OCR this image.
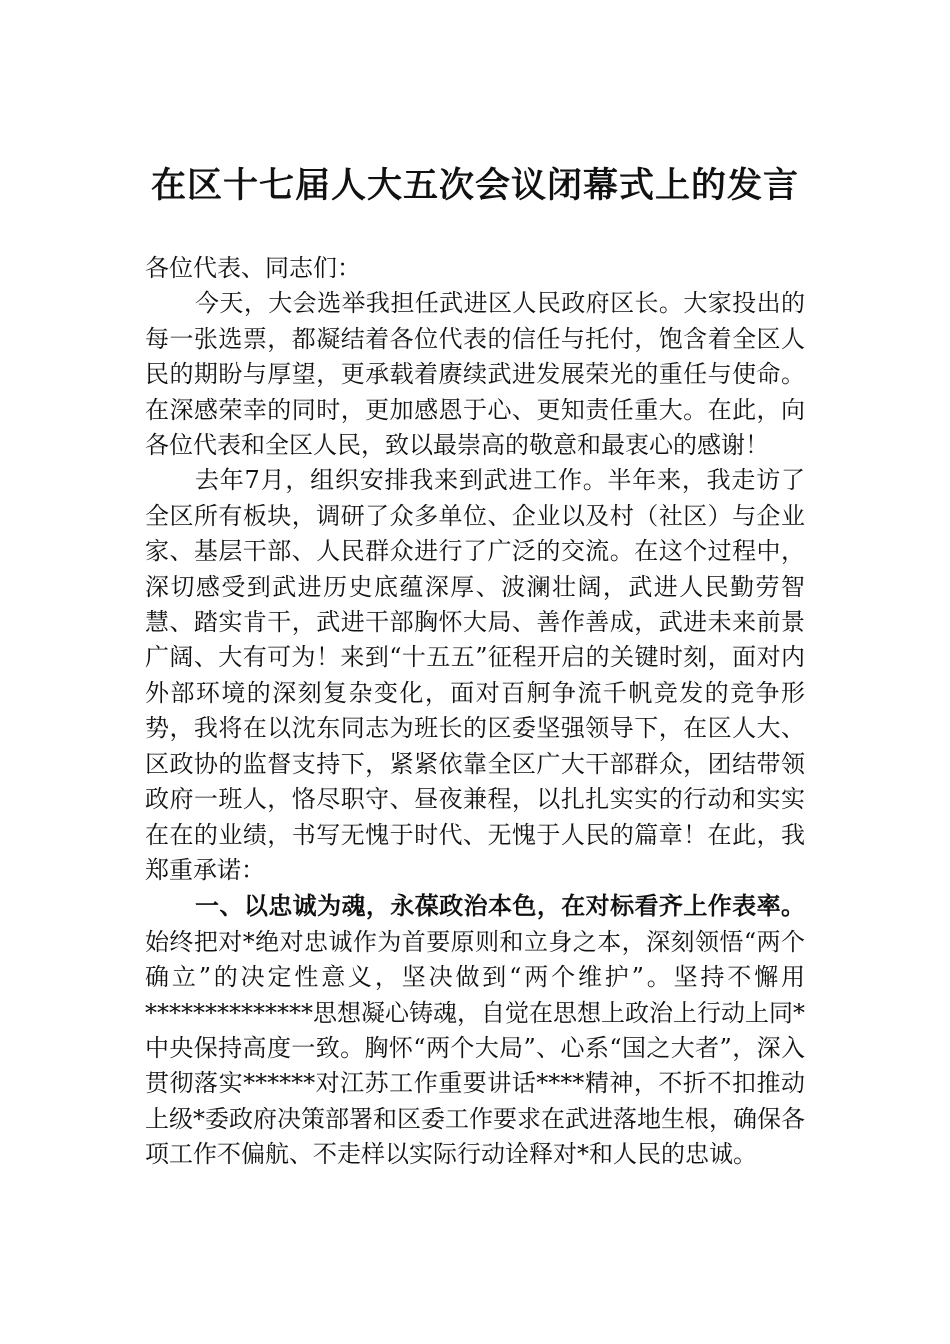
在区十七届人大五次会议闭幕式上的发言

各位代表、同志们：

今天，大会选举我担任武进区人民政府区长。大家投出的每一张选票，都凝结着各位代表的信任与托付，饱含着全区人民的期盼与厚望，更承载着赓续武进发展荣光的重任与使命。在深感荣幸的同时，更加感恩于心、更知责任重大。在此，向各位代表和全区人民，致以最崇高的敬意和最衷心的感谢！

去年7月，组织安排我来到武进工作。半年来，我走访了全区所有板块，调研了众多单位、企业以及村（社区）与企业家、基层干部、人民群众进行了广泛的交流。在这个过程中，深切感受到武进历史底蕴深厚、波澜壮阔，武进人民勤劳智慧、踏实肯干，武进干部胸怀大局、善作善成，武进未来前景广阔、大有可为！来到“十五五”征程开启的关键时刻，面对内外部环境的深刻复杂变化，面对百舸争流千帆竞发的竞争形势，我将在以沈东同志为班长的区委坚强领导下，在区人大、区政协的监督支持下，紧紧依靠全区广大干部群众，团结带领政府一班人，恪尽职守、昼夜兼程，以扎扎实实的行动和实实在在的业绩，书写无愧于时代、无愧于人民的篇章！在此，我郑重承诺：

一、以忠诚为魂，永葆政治本色，在对标看齐上作表率。始终把对*绝对忠诚作为首要原则和立身之本，深刻领悟“两个确立”的决定性意义，坚决做到“两个维护”。坚持不懈用**************思想凝心铸魂，自觉在思想上政治上行动上同*中央保持高度一致。胸怀“两个大局”、心系“国之大者”，深入贯彻落实******对江苏工作重要讲话****精神，不折不扣推动上级*委政府决策部署和区委工作要求在武进落地生根，确保各项工作不偏航、不走样以实际行动诠释对*和人民的忠诚。
